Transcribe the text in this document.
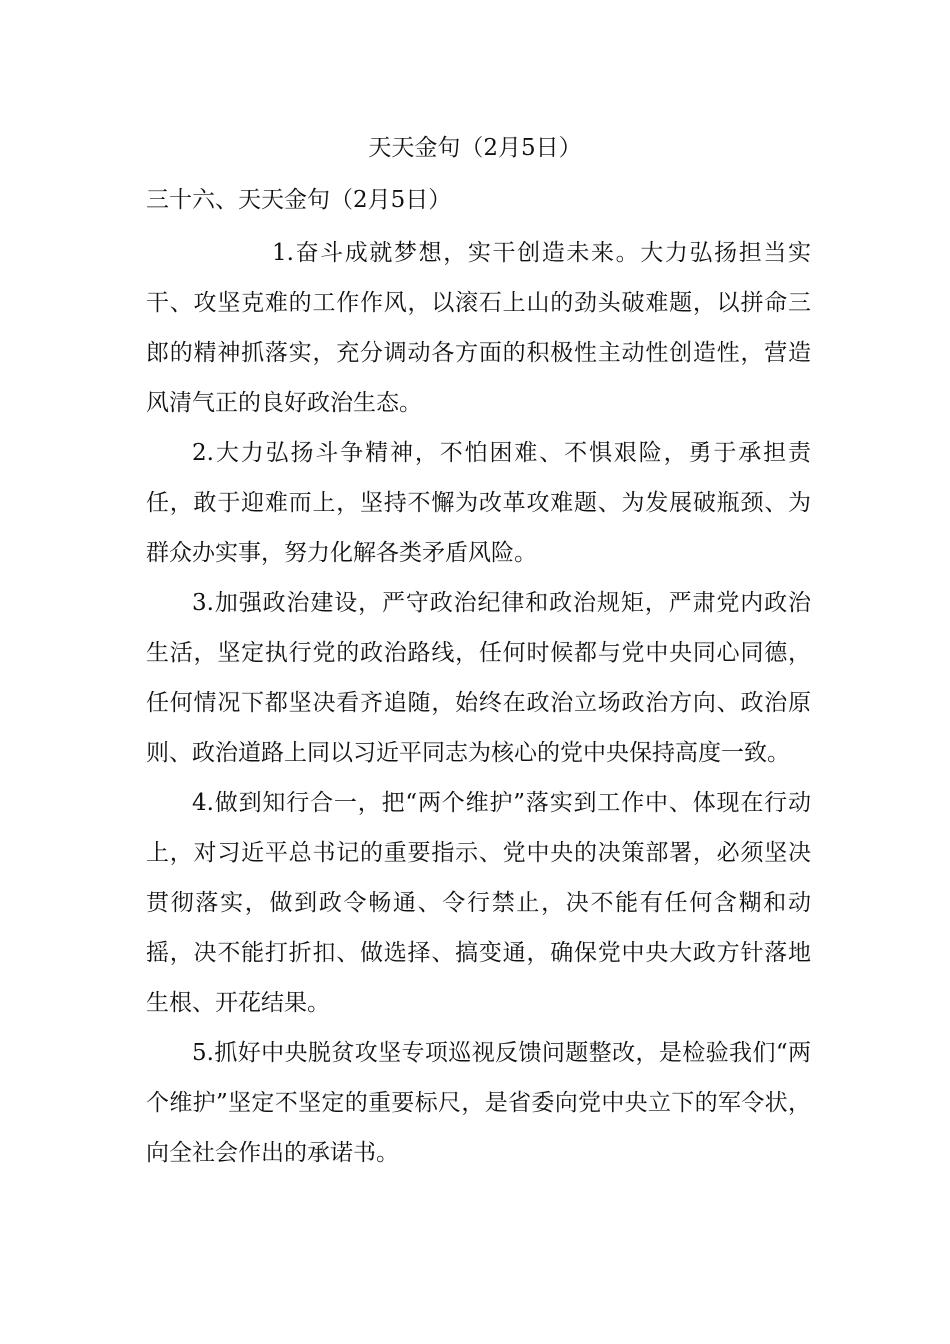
天天金句（2月5日）

三十六、天天金句（2月5日）

1.奋斗成就梦想，实干创造未来。大力弘扬担当实干、攻坚克难的工作作风，以滚石上山的劲头破难题，以拼命三郎的精神抓落实，充分调动各方面的积极性主动性创造性，营造风清气正的良好政治生态。

2.大力弘扬斗争精神，不怕困难、不惧艰险，勇于承担责任，敢于迎难而上，坚持不懈为改革攻难题、为发展破瓶颈、为群众办实事，努力化解各类矛盾风险。

3.加强政治建设，严守政治纪律和政治规矩，严肃党内政治生活，坚定执行党的政治路线，任何时候都与党中央同心同德，任何情况下都坚决看齐追随，始终在政治立场政治方向、政治原则、政治道路上同以习近平同志为核心的党中央保持高度一致。

4.做到知行合一，把“两个维护”落实到工作中、体现在行动上，对习近平总书记的重要指示、党中央的决策部署，必须坚决贯彻落实，做到政令畅通、令行禁止，决不能有任何含糊和动摇，决不能打折扣、做选择、搞变通，确保党中央大政方针落地生根、开花结果。

5.抓好中央脱贫攻坚专项巡视反馈问题整改，是检验我们“两个维护”坚定不坚定的重要标尺，是省委向党中央立下的军令状，向全社会作出的承诺书。
